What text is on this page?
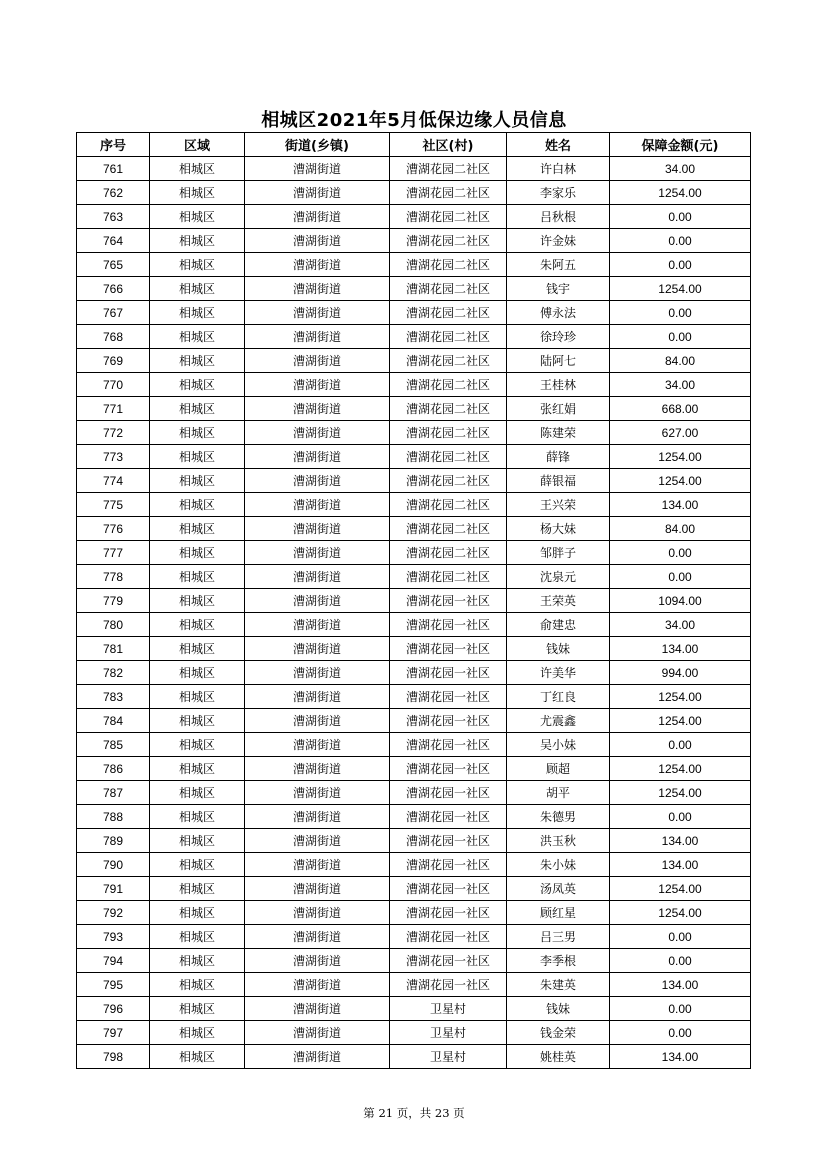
相城区2021年5月低保边缘人员信息
序号	区域	街道(乡镇)	社区(村)	姓名	保障金额(元)
761	相城区	漕湖街道	漕湖花园二社区	许白林	34.00
762	相城区	漕湖街道	漕湖花园二社区	李家乐	1254.00
763	相城区	漕湖街道	漕湖花园二社区	吕秋根	0.00
764	相城区	漕湖街道	漕湖花园二社区	许金妹	0.00
765	相城区	漕湖街道	漕湖花园二社区	朱阿五	0.00
766	相城区	漕湖街道	漕湖花园二社区	钱宇	1254.00
767	相城区	漕湖街道	漕湖花园二社区	傅永法	0.00
768	相城区	漕湖街道	漕湖花园二社区	徐玲珍	0.00
769	相城区	漕湖街道	漕湖花园二社区	陆阿七	84.00
770	相城区	漕湖街道	漕湖花园二社区	王桂林	34.00
771	相城区	漕湖街道	漕湖花园二社区	张红娟	668.00
772	相城区	漕湖街道	漕湖花园二社区	陈建荣	627.00
773	相城区	漕湖街道	漕湖花园二社区	薛锋	1254.00
774	相城区	漕湖街道	漕湖花园二社区	薛银福	1254.00
775	相城区	漕湖街道	漕湖花园二社区	王兴荣	134.00
776	相城区	漕湖街道	漕湖花园二社区	杨大妹	84.00
777	相城区	漕湖街道	漕湖花园二社区	邹胖子	0.00
778	相城区	漕湖街道	漕湖花园二社区	沈泉元	0.00
779	相城区	漕湖街道	漕湖花园一社区	王荣英	1094.00
780	相城区	漕湖街道	漕湖花园一社区	俞建忠	34.00
781	相城区	漕湖街道	漕湖花园一社区	钱妹	134.00
782	相城区	漕湖街道	漕湖花园一社区	许美华	994.00
783	相城区	漕湖街道	漕湖花园一社区	丁红良	1254.00
784	相城区	漕湖街道	漕湖花园一社区	尤震鑫	1254.00
785	相城区	漕湖街道	漕湖花园一社区	吴小妹	0.00
786	相城区	漕湖街道	漕湖花园一社区	顾超	1254.00
787	相城区	漕湖街道	漕湖花园一社区	胡平	1254.00
788	相城区	漕湖街道	漕湖花园一社区	朱德男	0.00
789	相城区	漕湖街道	漕湖花园一社区	洪玉秋	134.00
790	相城区	漕湖街道	漕湖花园一社区	朱小妹	134.00
791	相城区	漕湖街道	漕湖花园一社区	汤凤英	1254.00
792	相城区	漕湖街道	漕湖花园一社区	顾红星	1254.00
793	相城区	漕湖街道	漕湖花园一社区	吕三男	0.00
794	相城区	漕湖街道	漕湖花园一社区	李季根	0.00
795	相城区	漕湖街道	漕湖花园一社区	朱建英	134.00
796	相城区	漕湖街道	卫星村	钱妹	0.00
797	相城区	漕湖街道	卫星村	钱金荣	0.00
798	相城区	漕湖街道	卫星村	姚桂英	134.00
第 21 页，共 23 页
